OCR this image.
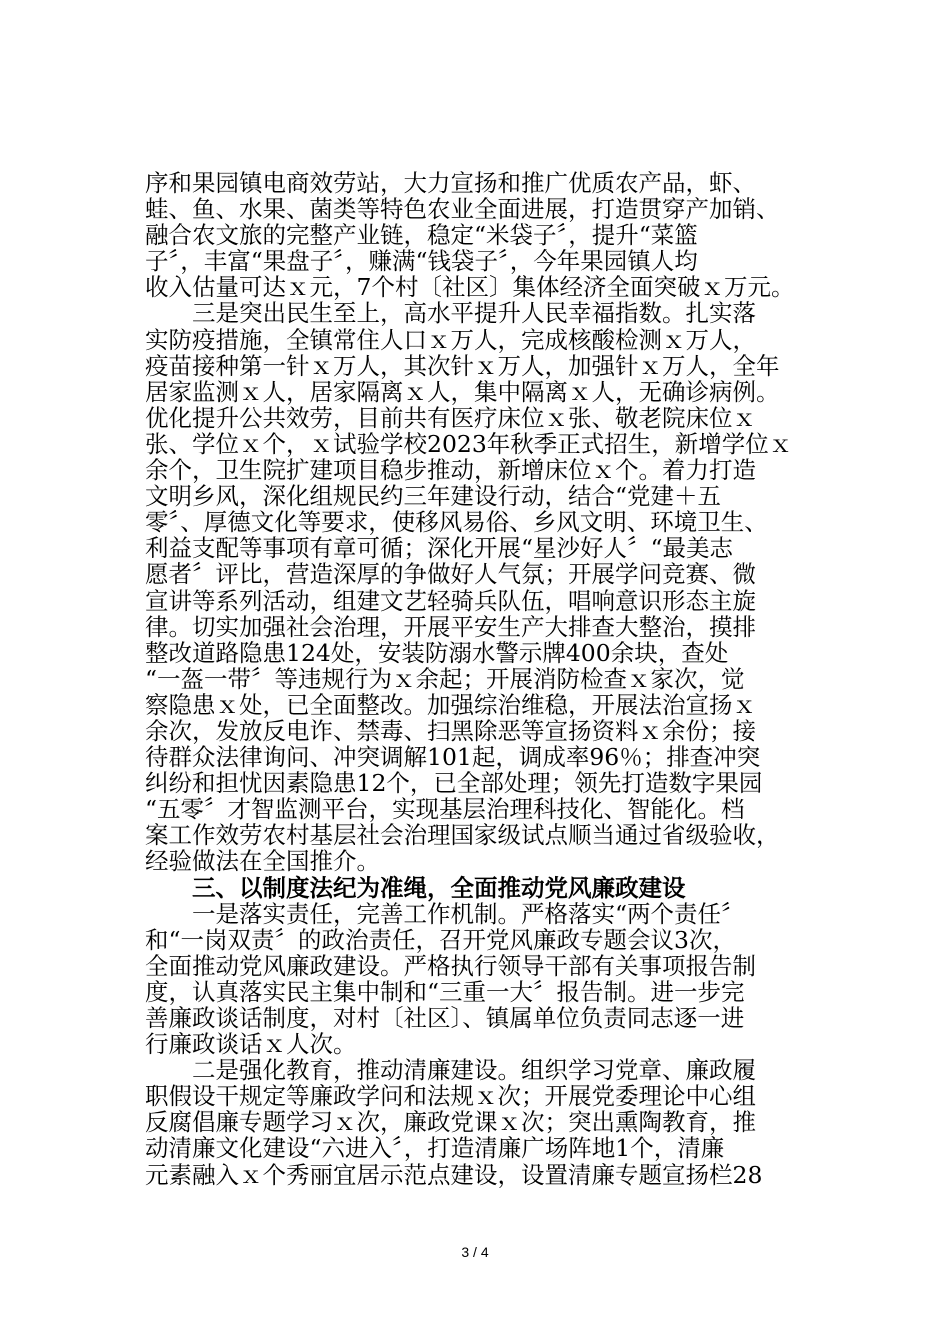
序和果园镇电商效劳站，大力宣扬和推广优质农产品，虾、
蛙、鱼、水果、菌类等特色农业全面进展，打造贯穿产加销、
融合农文旅的完整产业链，稳定“米袋子〞，提升“菜篮
子〞，丰富“果盘子〞，赚满“钱袋子〞，今年果园镇人均
收入估量可达ｘ元，7个村〔社区〕集体经济全面突破ｘ万元。
　　三是突出民生至上，高水平提升人民幸福指数。扎实落
实防疫措施，全镇常住人口ｘ万人，完成核酸检测ｘ万人，
疫苗接种第一针ｘ万人，其次针ｘ万人，加强针ｘ万人，全年
居家监测ｘ人，居家隔离ｘ人，集中隔离ｘ人，无确诊病例。
优化提升公共效劳，目前共有医疗床位ｘ张、敬老院床位ｘ
张、学位ｘ个，ｘ试验学校2023年秋季正式招生，新增学位ｘ
余个，卫生院扩建项目稳步推动，新增床位ｘ个。着力打造
文明乡风，深化组规民约三年建设行动，结合“党建＋五
零〞、厚德文化等要求，使移风易俗、乡风文明、环境卫生、
利益支配等事项有章可循；深化开展“星沙好人〞“最美志
愿者〞评比，营造深厚的争做好人气氛；开展学问竞赛、微
宣讲等系列活动，组建文艺轻骑兵队伍，唱响意识形态主旋
律。切实加强社会治理，开展平安生产大排查大整治，摸排
整改道路隐患124处，安装防溺水警示牌400余块，查处
“一盔一带〞等违规行为ｘ余起；开展消防检查ｘ家次，觉
察隐患ｘ处，已全面整改。加强综治维稳，开展法治宣扬ｘ
余次，发放反电诈、禁毒、扫黑除恶等宣扬资料ｘ余份；接
待群众法律询问、冲突调解101起，调成率96％；排查冲突
纠纷和担忧因素隐患12个，已全部处理；领先打造数字果园
“五零〞才智监测平台，实现基层治理科技化、智能化。档
案工作效劳农村基层社会治理国家级试点顺当通过省级验收，
经验做法在全国推介。
　　三、以制度法纪为准绳，全面推动党风廉政建设
　　一是落实责任，完善工作机制。严格落实“两个责任〞
和“一岗双责〞的政治责任，召开党风廉政专题会议3次，
全面推动党风廉政建设。严格执行领导干部有关事项报告制
度，认真落实民主集中制和“三重一大〞报告制。进一步完
善廉政谈话制度，对村〔社区〕、镇属单位负责同志逐一进
行廉政谈话ｘ人次。
　　二是强化教育，推动清廉建设。组织学习党章、廉政履
职假设干规定等廉政学问和法规ｘ次；开展党委理论中心组
反腐倡廉专题学习ｘ次，廉政党课ｘ次；突出熏陶教育，推
动清廉文化建设“六进入〞，打造清廉广场阵地1个，清廉
元素融入ｘ个秀丽宜居示范点建设，设置清廉专题宣扬栏28
3 / 4
